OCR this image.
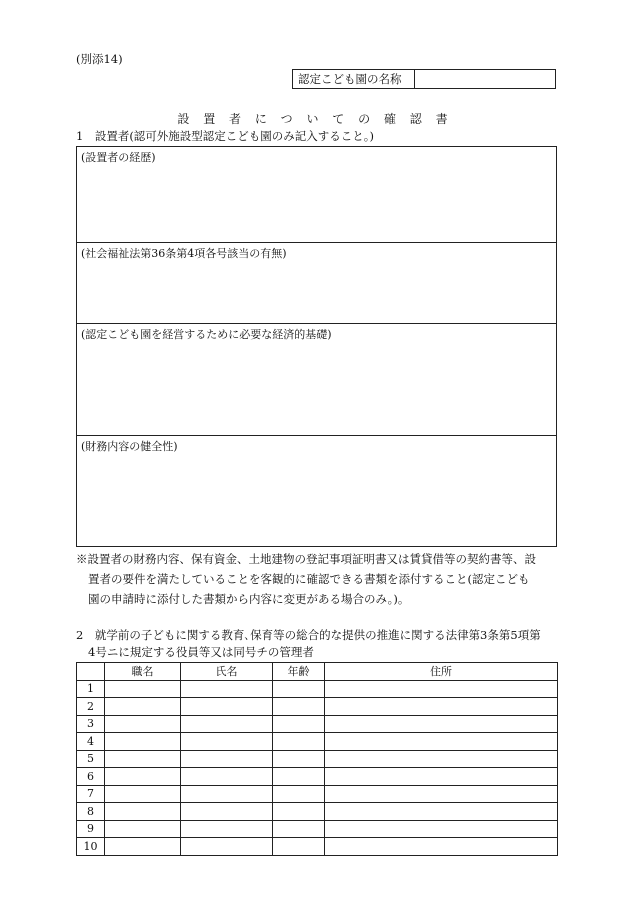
(別添14)
認定こども園の名称
設 置 者 に つ い て の 確 認 書
1　設置者(認可外施設型認定こども園のみ記入すること。)
(設置者の経歴)
(社会福祉法第36条第4項各号該当の有無)
(認定こども園を経営するために必要な経済的基礎)
(財務内容の健全性)
※設置者の財務内容、保有資金、土地建物の登記事項証明書又は賃貸借等の契約書等、設
置者の要件を満たしていることを客観的に確認できる書類を添付すること(認定こども
園の申請時に添付した書類から内容に変更がある場合のみ。)。
2　就学前の子どもに関する教育､保育等の総合的な提供の推進に関する法律第3条第5項第
4号ニに規定する役員等又は同号チの管理者
	職名	氏名	年齢	住所
1				
2				
3				
4				
5				
6				
7				
8				
9				
10				
